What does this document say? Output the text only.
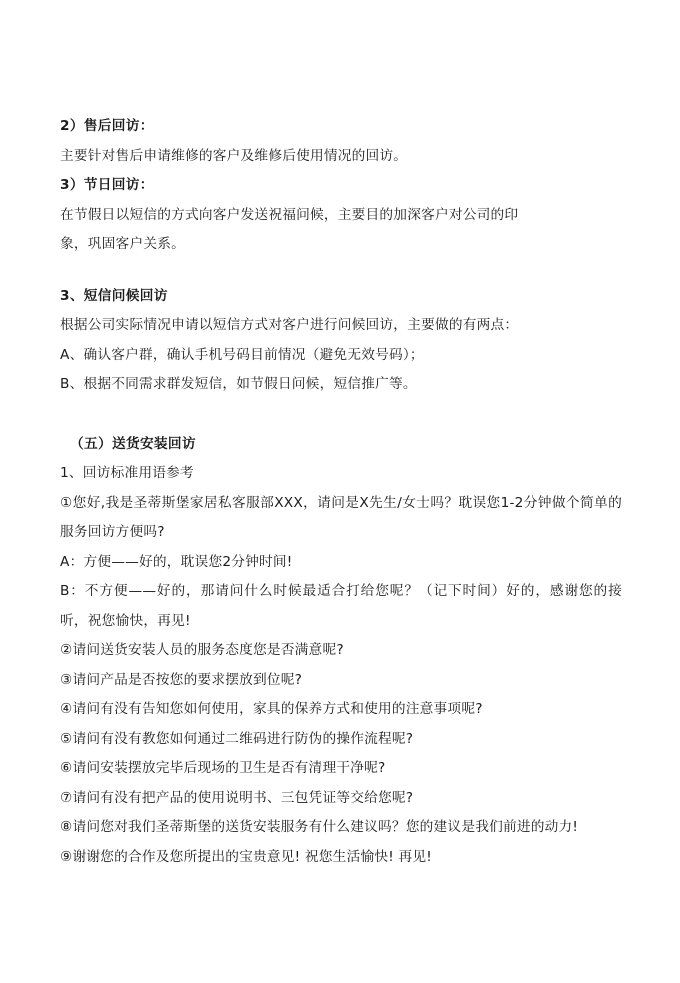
2）售后回访：

主要针对售后申请维修的客户及维修后使用情况的回访。

3）节日回访：

在节假日以短信的方式向客户发送祝福问候，主要目的加深客户对公司的印

象，巩固客户关系。

3、短信问候回访

根据公司实际情况申请以短信方式对客户进行问候回访，主要做的有两点：

A、确认客户群，确认手机号码目前情况（避免无效号码）；

B、根据不同需求群发短信，如节假日问候，短信推广等。

（五）送货安装回访

1、回访标准用语参考

①您好,我是圣蒂斯堡家居私客服部XXX，请问是X先生/女士吗？耽误您1-2分钟做个简单的服务回访方便吗?

A：方便——好的，耽误您2分钟时间!

B：不方便——好的，那请问什么时候最适合打给您呢？（记下时间）好的，感谢您的接听，祝您愉快，再见!

②请问送货安装人员的服务态度您是否满意呢?

③请问产品是否按您的要求摆放到位呢?

④请问有没有告知您如何使用，家具的保养方式和使用的注意事项呢?

⑤请问有没有教您如何通过二维码进行防伪的操作流程呢?

⑥请问安装摆放完毕后现场的卫生是否有清理干净呢?

⑦请问有没有把产品的使用说明书、三包凭证等交给您呢?

⑧请问您对我们圣蒂斯堡的送货安装服务有什么建议吗？您的建议是我们前进的动力!

⑨谢谢您的合作及您所提出的宝贵意见! 祝您生活愉快! 再见!
